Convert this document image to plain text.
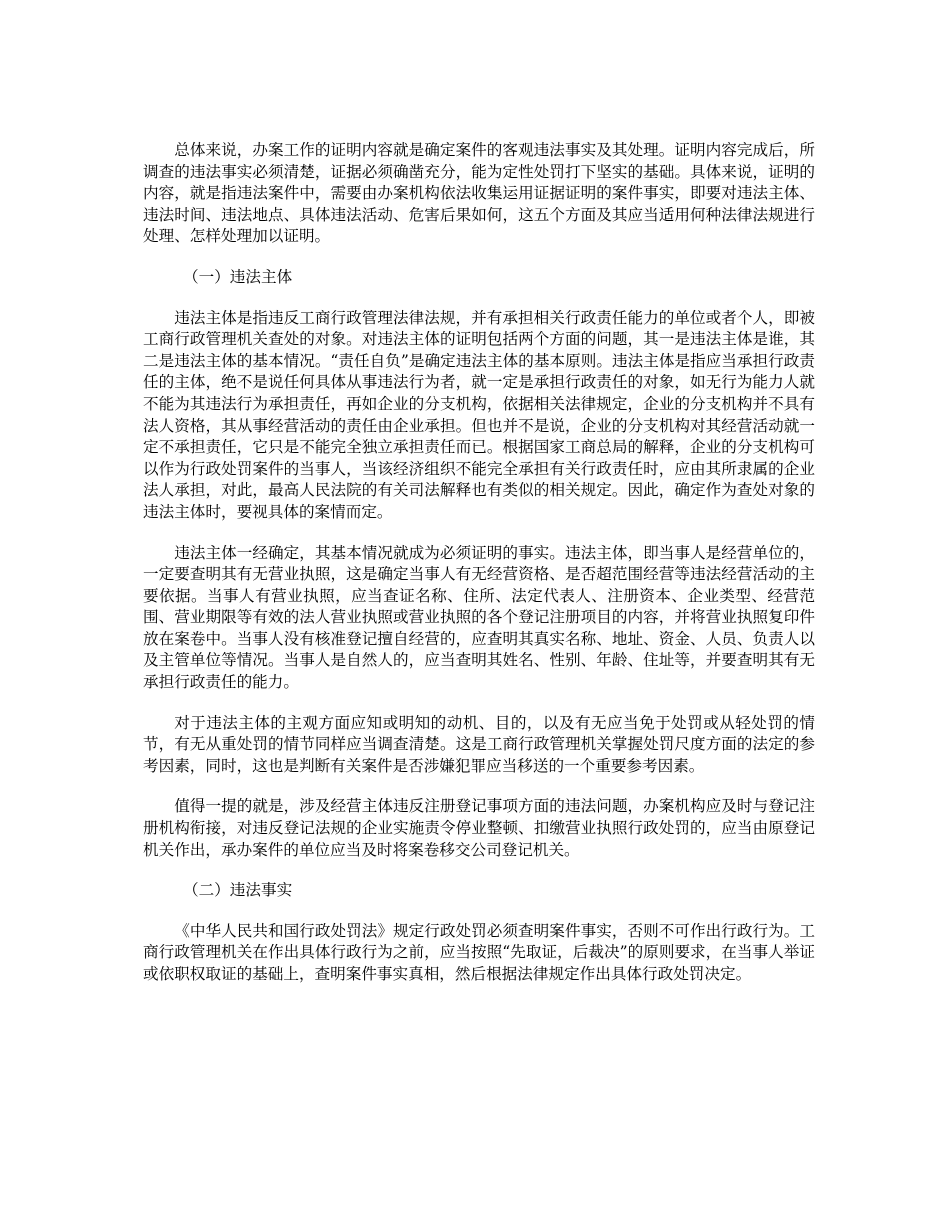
总体来说，办案工作的证明内容就是确定案件的客观违法事实及其处理。证明内容完成后，所调查的违法事实必须清楚，证据必须确凿充分，能为定性处罚打下坚实的基础。具体来说，证明的内容，就是指违法案件中，需要由办案机构依法收集运用证据证明的案件事实，即要对违法主体、违法时间、违法地点、具体违法活动、危害后果如何，这五个方面及其应当适用何种法律法规进行处理、怎样处理加以证明。

（一）违法主体

违法主体是指违反工商行政管理法律法规，并有承担相关行政责任能力的单位或者个人，即被工商行政管理机关查处的对象。对违法主体的证明包括两个方面的问题，其一是违法主体是谁，其二是违法主体的基本情况。“责任自负”是确定违法主体的基本原则。违法主体是指应当承担行政责任的主体，绝不是说任何具体从事违法行为者，就一定是承担行政责任的对象，如无行为能力人就不能为其违法行为承担责任，再如企业的分支机构，依据相关法律规定，企业的分支机构并不具有法人资格，其从事经营活动的责任由企业承担。但也并不是说，企业的分支机构对其经营活动就一定不承担责任，它只是不能完全独立承担责任而已。根据国家工商总局的解释，企业的分支机构可以作为行政处罚案件的当事人，当该经济组织不能完全承担有关行政责任时，应由其所隶属的企业法人承担，对此，最高人民法院的有关司法解释也有类似的相关规定。因此，确定作为查处对象的违法主体时，要视具体的案情而定。

违法主体一经确定，其基本情况就成为必须证明的事实。违法主体，即当事人是经营单位的，一定要查明其有无营业执照，这是确定当事人有无经营资格、是否超范围经营等违法经营活动的主要依据。当事人有营业执照，应当查证名称、住所、法定代表人、注册资本、企业类型、经营范围、营业期限等有效的法人营业执照或营业执照的各个登记注册项目的内容，并将营业执照复印件放在案卷中。当事人没有核准登记擅自经营的，应查明其真实名称、地址、资金、人员、负责人以及主管单位等情况。当事人是自然人的，应当查明其姓名、性别、年龄、住址等，并要查明其有无承担行政责任的能力。

对于违法主体的主观方面应知或明知的动机、目的，以及有无应当免于处罚或从轻处罚的情节，有无从重处罚的情节同样应当调查清楚。这是工商行政管理机关掌握处罚尺度方面的法定的参考因素，同时，这也是判断有关案件是否涉嫌犯罪应当移送的一个重要参考因素。

值得一提的就是，涉及经营主体违反注册登记事项方面的违法问题，办案机构应及时与登记注册机构衔接，对违反登记法规的企业实施责令停业整顿、扣缴营业执照行政处罚的，应当由原登记机关作出，承办案件的单位应当及时将案卷移交公司登记机关。

（二）违法事实

《中华人民共和国行政处罚法》规定行政处罚必须查明案件事实，否则不可作出行政行为。工商行政管理机关在作出具体行政行为之前，应当按照“先取证，后裁决”的原则要求，在当事人举证或依职权取证的基础上，查明案件事实真相，然后根据法律规定作出具体行政处罚决定。
